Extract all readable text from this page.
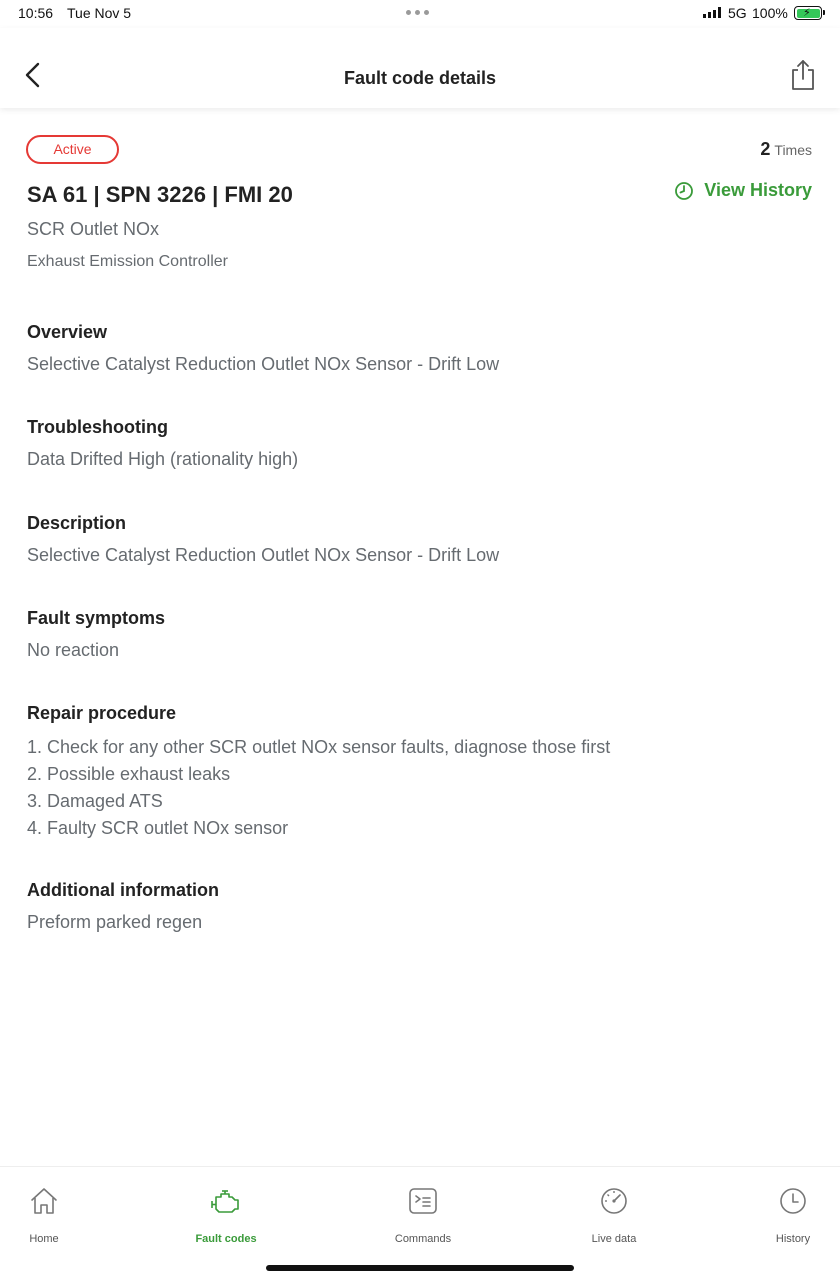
10:56 Tue Nov 5	5G 100% ⚡
Fault code details
Active	2 Times
SA 61 | SPN 3226 | FMI 20	View History
SCR Outlet NOx
Exhaust Emission Controller
Overview
Selective Catalyst Reduction Outlet NOx Sensor - Drift Low
Troubleshooting
Data Drifted High (rationality high)
Description
Selective Catalyst Reduction Outlet NOx Sensor - Drift Low
Fault symptoms
No reaction
Repair procedure
1. Check for any other SCR outlet NOx sensor faults, diagnose those first
2. Possible exhaust leaks
3. Damaged ATS
4. Faulty SCR outlet NOx sensor
Additional information
Preform parked regen
Home	Fault codes	Commands	Live data	History
